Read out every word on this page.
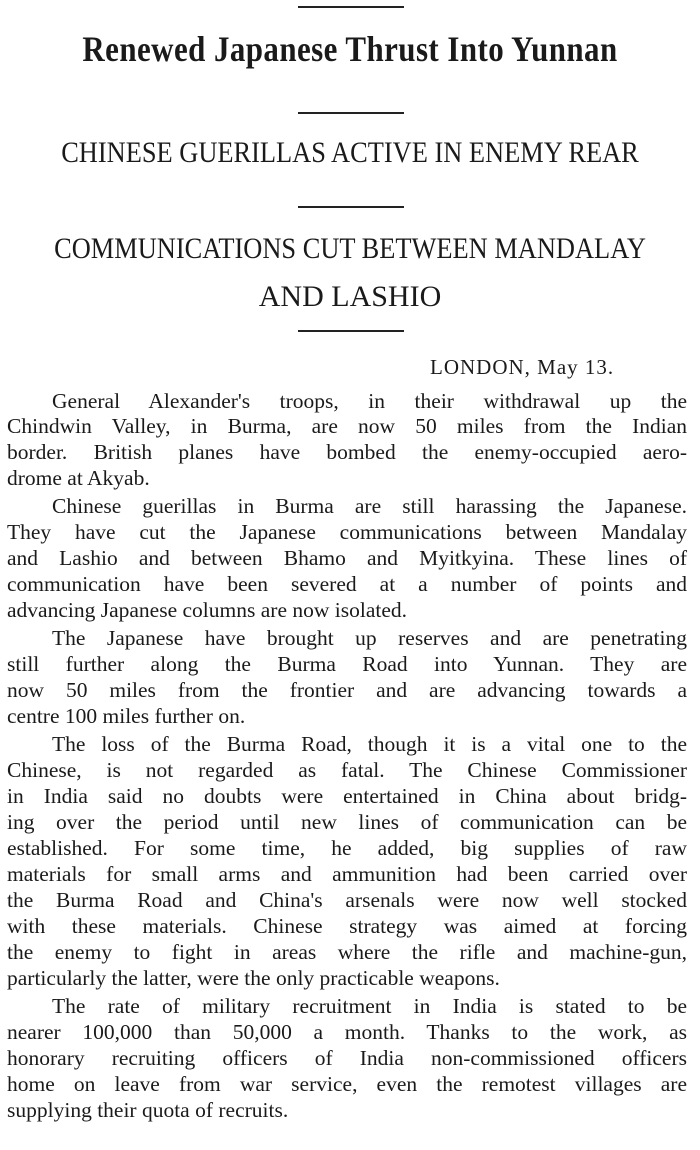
Renewed Japanese Thrust Into Yunnan
CHINESE GUERILLAS ACTIVE IN ENEMY REAR
COMMUNICATIONS CUT BETWEEN MANDALAY
AND LASHIO
LONDON, May 13.
General Alexander's troops, in their withdrawal up the
Chindwin Valley, in Burma, are now 50 miles from the Indian
border. British planes have bombed the enemy-occupied aero-
drome at Akyab.
Chinese guerillas in Burma are still harassing the Japanese.
They have cut the Japanese communications between Mandalay
and Lashio and between Bhamo and Myitkyina. These lines of
communication have been severed at a number of points and
advancing Japanese columns are now isolated.
The Japanese have brought up reserves and are penetrating
still further along the Burma Road into Yunnan. They are
now 50 miles from the frontier and are advancing towards a
centre 100 miles further on.
The loss of the Burma Road, though it is a vital one to the
Chinese, is not regarded as fatal. The Chinese Commissioner
in India said no doubts were entertained in China about bridg-
ing over the period until new lines of communication can be
established. For some time, he added, big supplies of raw
materials for small arms and ammunition had been carried over
the Burma Road and China's arsenals were now well stocked
with these materials. Chinese strategy was aimed at forcing
the enemy to fight in areas where the rifle and machine-gun,
particularly the latter, were the only practicable weapons.
The rate of military recruitment in India is stated to be
nearer 100,000 than 50,000 a month. Thanks to the work, as
honorary recruiting officers of India non-commissioned officers
home on leave from war service, even the remotest villages are
supplying their quota of recruits.
